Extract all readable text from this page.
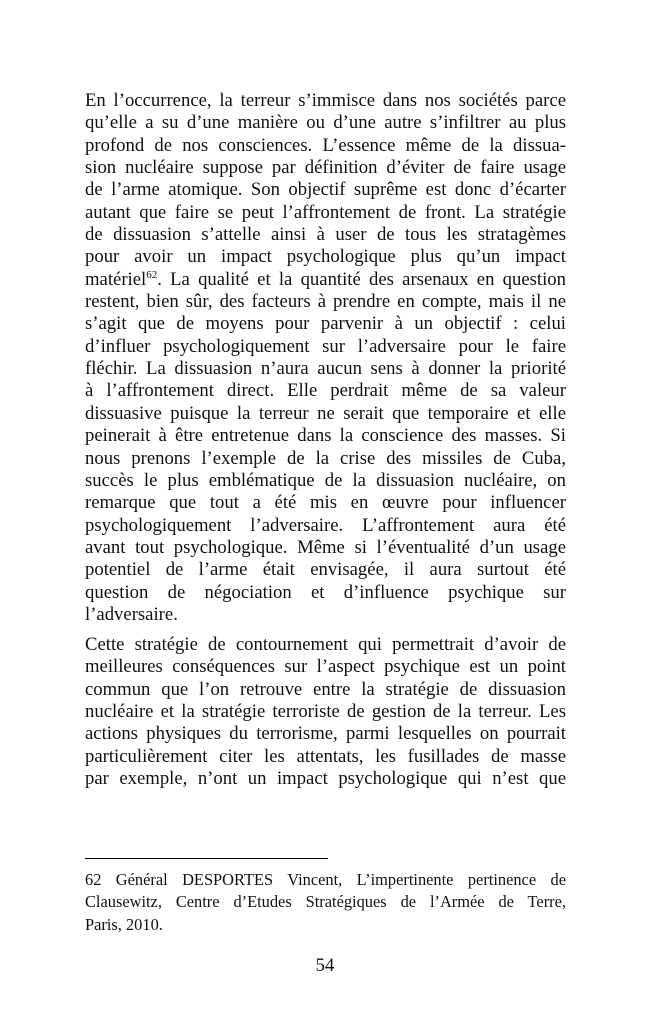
En l’occurrence, la terreur s’immisce dans nos sociétés parce
qu’elle a su d’une manière ou d’une autre s’infiltrer au plus
profond de nos consciences. L’essence même de la dissua-
sion nucléaire suppose par définition d’éviter de faire usage
de l’arme atomique. Son objectif suprême est donc d’écarter
autant que faire se peut l’affrontement de front. La stratégie
de dissuasion s’attelle ainsi à user de tous les stratagèmes
pour avoir un impact psychologique plus qu’un impact
matériel$^{62}$. La qualité et la quantité des arsenaux en question
restent, bien sûr, des facteurs à prendre en compte, mais il ne
s’agit que de moyens pour parvenir à un objectif : celui
d’influer psychologiquement sur l’adversaire pour le faire
fléchir. La dissuasion n’aura aucun sens à donner la priorité
à l’affrontement direct. Elle perdrait même de sa valeur
dissuasive puisque la terreur ne serait que temporaire et elle
peinerait à être entretenue dans la conscience des masses. Si
nous prenons l’exemple de la crise des missiles de Cuba,
succès le plus emblématique de la dissuasion nucléaire, on
remarque que tout a été mis en œuvre pour influencer
psychologiquement l’adversaire. L’affrontement aura été
avant tout psychologique. Même si l’éventualité d’un usage
potentiel de l’arme était envisagée, il aura surtout été
question de négociation et d’influence psychique sur
l’adversaire.
Cette stratégie de contournement qui permettrait d’avoir de
meilleures conséquences sur l’aspect psychique est un point
commun que l’on retrouve entre la stratégie de dissuasion
nucléaire et la stratégie terroriste de gestion de la terreur. Les
actions physiques du terrorisme, parmi lesquelles on pourrait
particulièrement citer les attentats, les fusillades de masse
par exemple, n’ont un impact psychologique qui n’est que
62 Général DESPORTES Vincent, L’impertinente pertinence de
Clausewitz, Centre d’Etudes Stratégiques de l’Armée de Terre,
Paris, 2010.
54
